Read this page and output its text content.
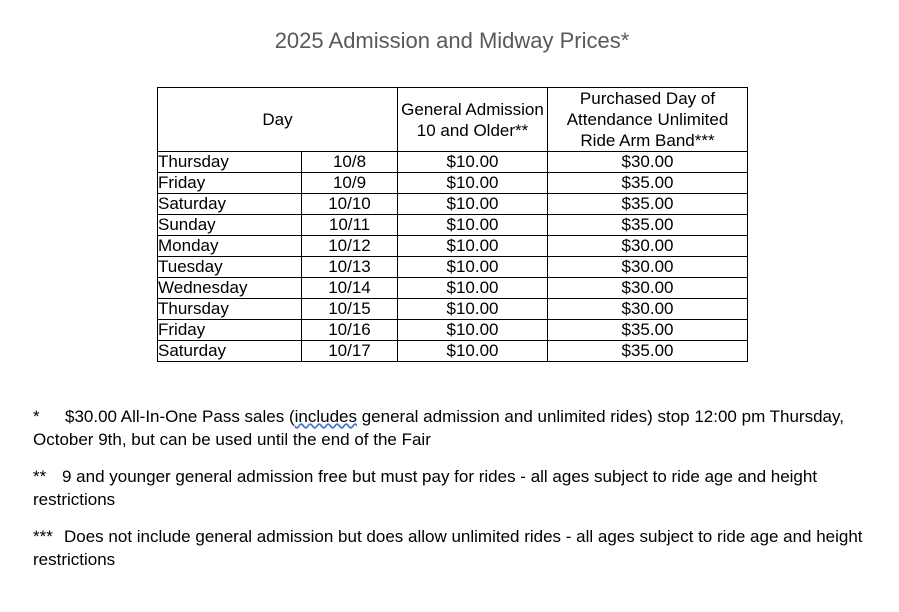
2025 Admission and Midway Prices*
Day		General Admission 10 and Older**	Purchased Day of Attendance Unlimited Ride Arm Band***
Thursday	10/8	$10.00	$30.00
Friday	10/9	$10.00	$35.00
Saturday	10/10	$10.00	$35.00
Sunday	10/11	$10.00	$35.00
Monday	10/12	$10.00	$30.00
Tuesday	10/13	$10.00	$30.00
Wednesday	10/14	$10.00	$30.00
Thursday	10/15	$10.00	$30.00
Friday	10/16	$10.00	$35.00
Saturday	10/17	$10.00	$35.00

* $30.00 All-In-One Pass sales (includes general admission and unlimited rides) stop 12:00 pm Thursday, October 9th, but can be used until the end of the Fair

** 9 and younger general admission free but must pay for rides - all ages subject to ride age and height restrictions

*** Does not include general admission but does allow unlimited rides - all ages subject to ride age and height restrictions
